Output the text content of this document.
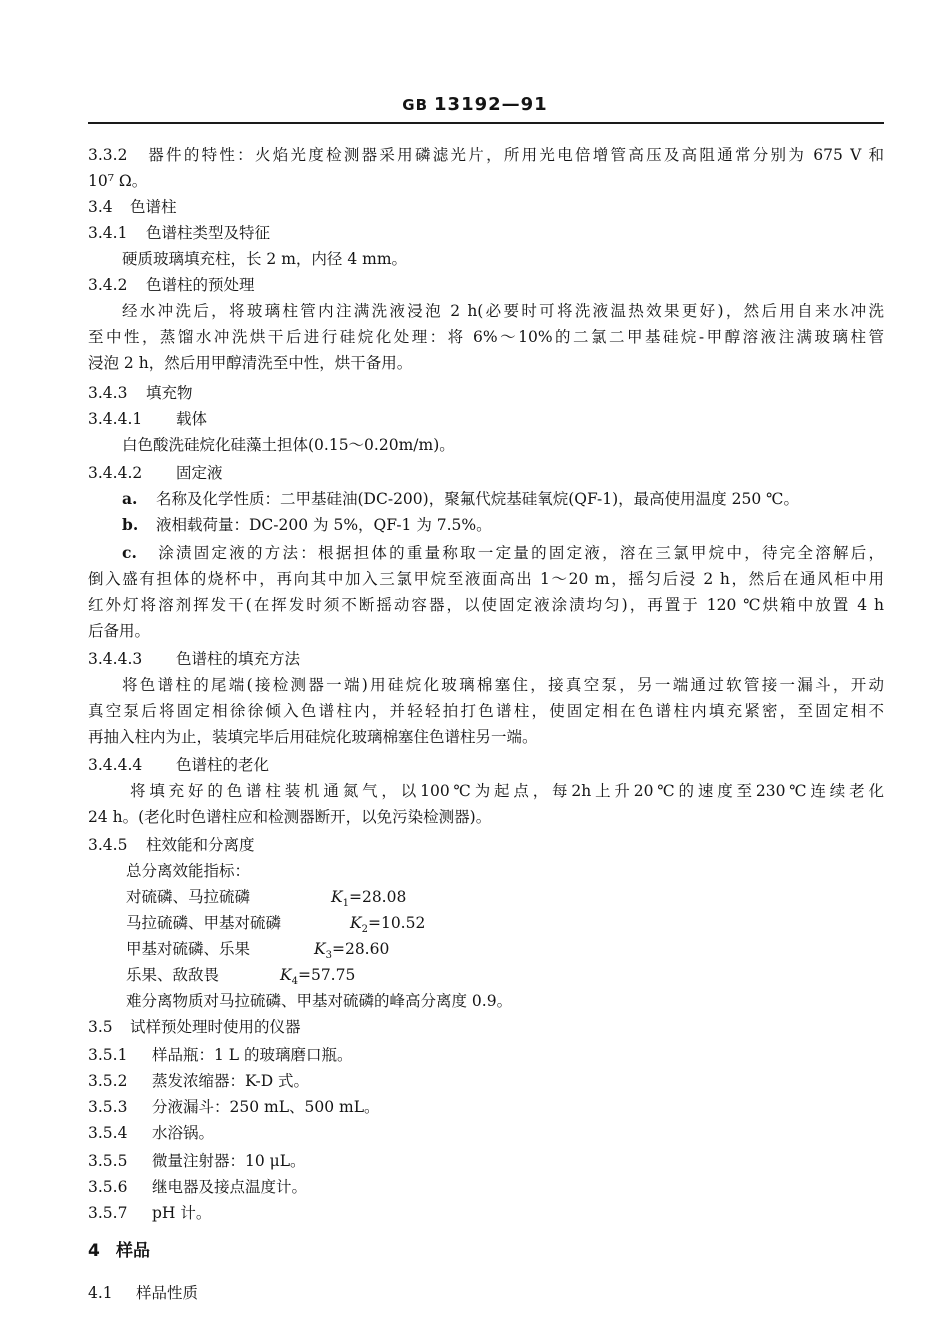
GB 13192—91
3.3.2 器件的特性：火焰光度检测器采用磷滤光片，所用光电倍增管高压及高阻通常分别为 675 V 和
10⁷ Ω。
3.4 色谱柱
3.4.1 色谱柱类型及特征
硬质玻璃填充柱，长 2 m，内径 4 mm。
3.4.2 色谱柱的预处理
经水冲洗后，将玻璃柱管内注满洗液浸泡 2 h(必要时可将洗液温热效果更好)，然后用自来水冲洗
至中性，蒸馏水冲洗烘干后进行硅烷化处理：将 6%～10%的二氯二甲基硅烷-甲醇溶液注满玻璃柱管
浸泡 2 h，然后用甲醇清洗至中性，烘干备用。
3.4.3 填充物
3.4.4.1 载体
白色酸洗硅烷化硅藻土担体(0.15～0.20m/m)。
3.4.4.2 固定液
a. 名称及化学性质：二甲基硅油(DC-200)，聚氟代烷基硅氧烷(QF-1)，最高使用温度 250 ℃。
b. 液相载荷量：DC-200 为 5%，QF-1 为 7.5%。
c. 涂渍固定液的方法：根据担体的重量称取一定量的固定液，溶在三氯甲烷中，待完全溶解后，
倒入盛有担体的烧杯中，再向其中加入三氯甲烷至液面高出 1～20 m，摇匀后浸 2 h，然后在通风柜中用
红外灯将溶剂挥发干(在挥发时须不断摇动容器，以使固定液涂渍均匀)，再置于 120 ℃烘箱中放置 4 h
后备用。
3.4.4.3 色谱柱的填充方法
将色谱柱的尾端(接检测器一端)用硅烷化玻璃棉塞住，接真空泵，另一端通过软管接一漏斗，开动
真空泵后将固定相徐徐倾入色谱柱内，并轻轻拍打色谱柱，使固定相在色谱柱内填充紧密，至固定相不
再抽入柱内为止，装填完毕后用硅烷化玻璃棉塞住色谱柱另一端。
3.4.4.4 色谱柱的老化
将填充好的色谱柱装机通氮气，以100℃为起点，每2h上升20℃的速度至230℃连续老化
24 h。(老化时色谱柱应和检测器断开，以免污染检测器)。
3.4.5 柱效能和分离度
总分离效能指标：
对硫磷、马拉硫磷	$K_1=28.08$
马拉硫磷、甲基对硫磷	$K_2=10.52$
甲基对硫磷、乐果	$K_3=28.60$
乐果、敌敌畏	$K_4=57.75$
难分离物质对马拉硫磷、甲基对硫磷的峰高分离度 0.9。
3.5 试样预处理时使用的仪器
3.5.1 样品瓶：1 L 的玻璃磨口瓶。
3.5.2 蒸发浓缩器：K-D 式。
3.5.3 分液漏斗：250 mL、500 mL。
3.5.4 水浴锅。
3.5.5 微量注射器：10 μL。
3.5.6 继电器及接点温度计。
3.5.7 pH 计。
4 样品
4.1 样品性质
